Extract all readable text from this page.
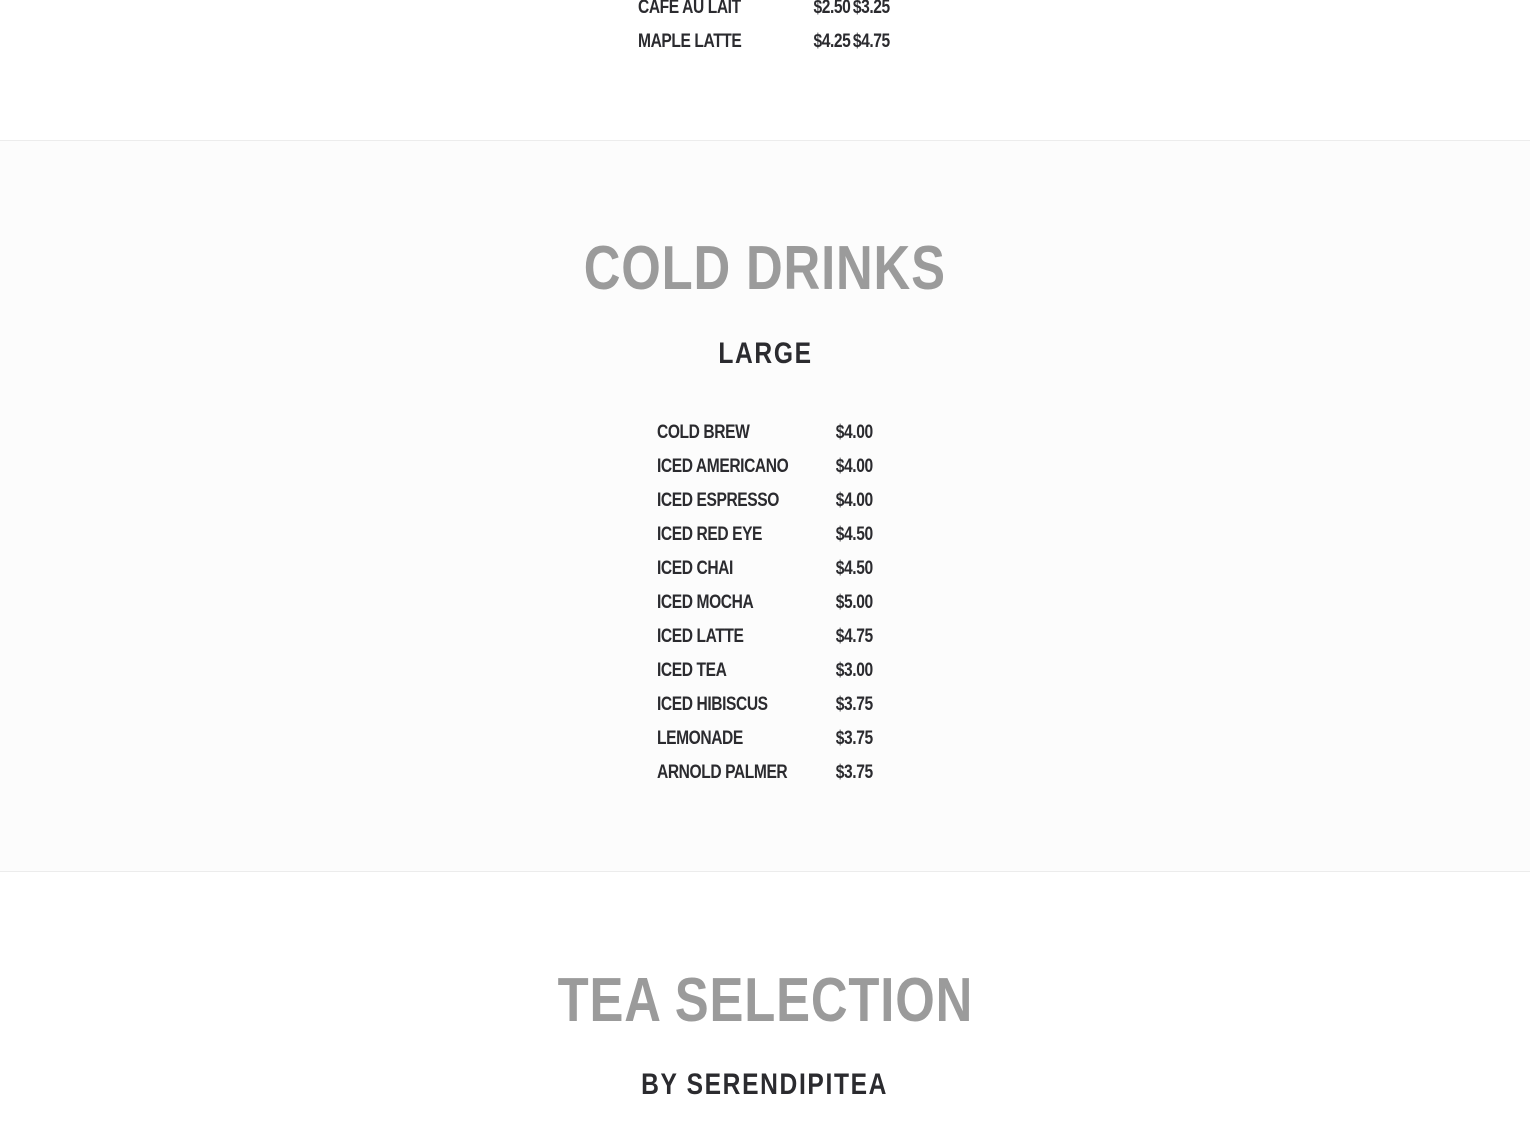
CAFE AU LAIT	$2.50 $3.25
MAPLE LATTE	$4.25 $4.75
COLD DRINKS
LARGE
COLD BREW	$4.00
ICED AMERICANO $4.00
ICED ESPRESSO	$4.00
ICED RED EYE	$4.50
ICED CHAI	$4.50
ICED MOCHA	$5.00
ICED LATTE	$4.75
ICED TEA	$3.00
ICED HIBISCUS	$3.75
LEMONADE	$3.75
ARNOLD PALMER	$3.75
TEA SELECTION
BY SERENDIPITEA
